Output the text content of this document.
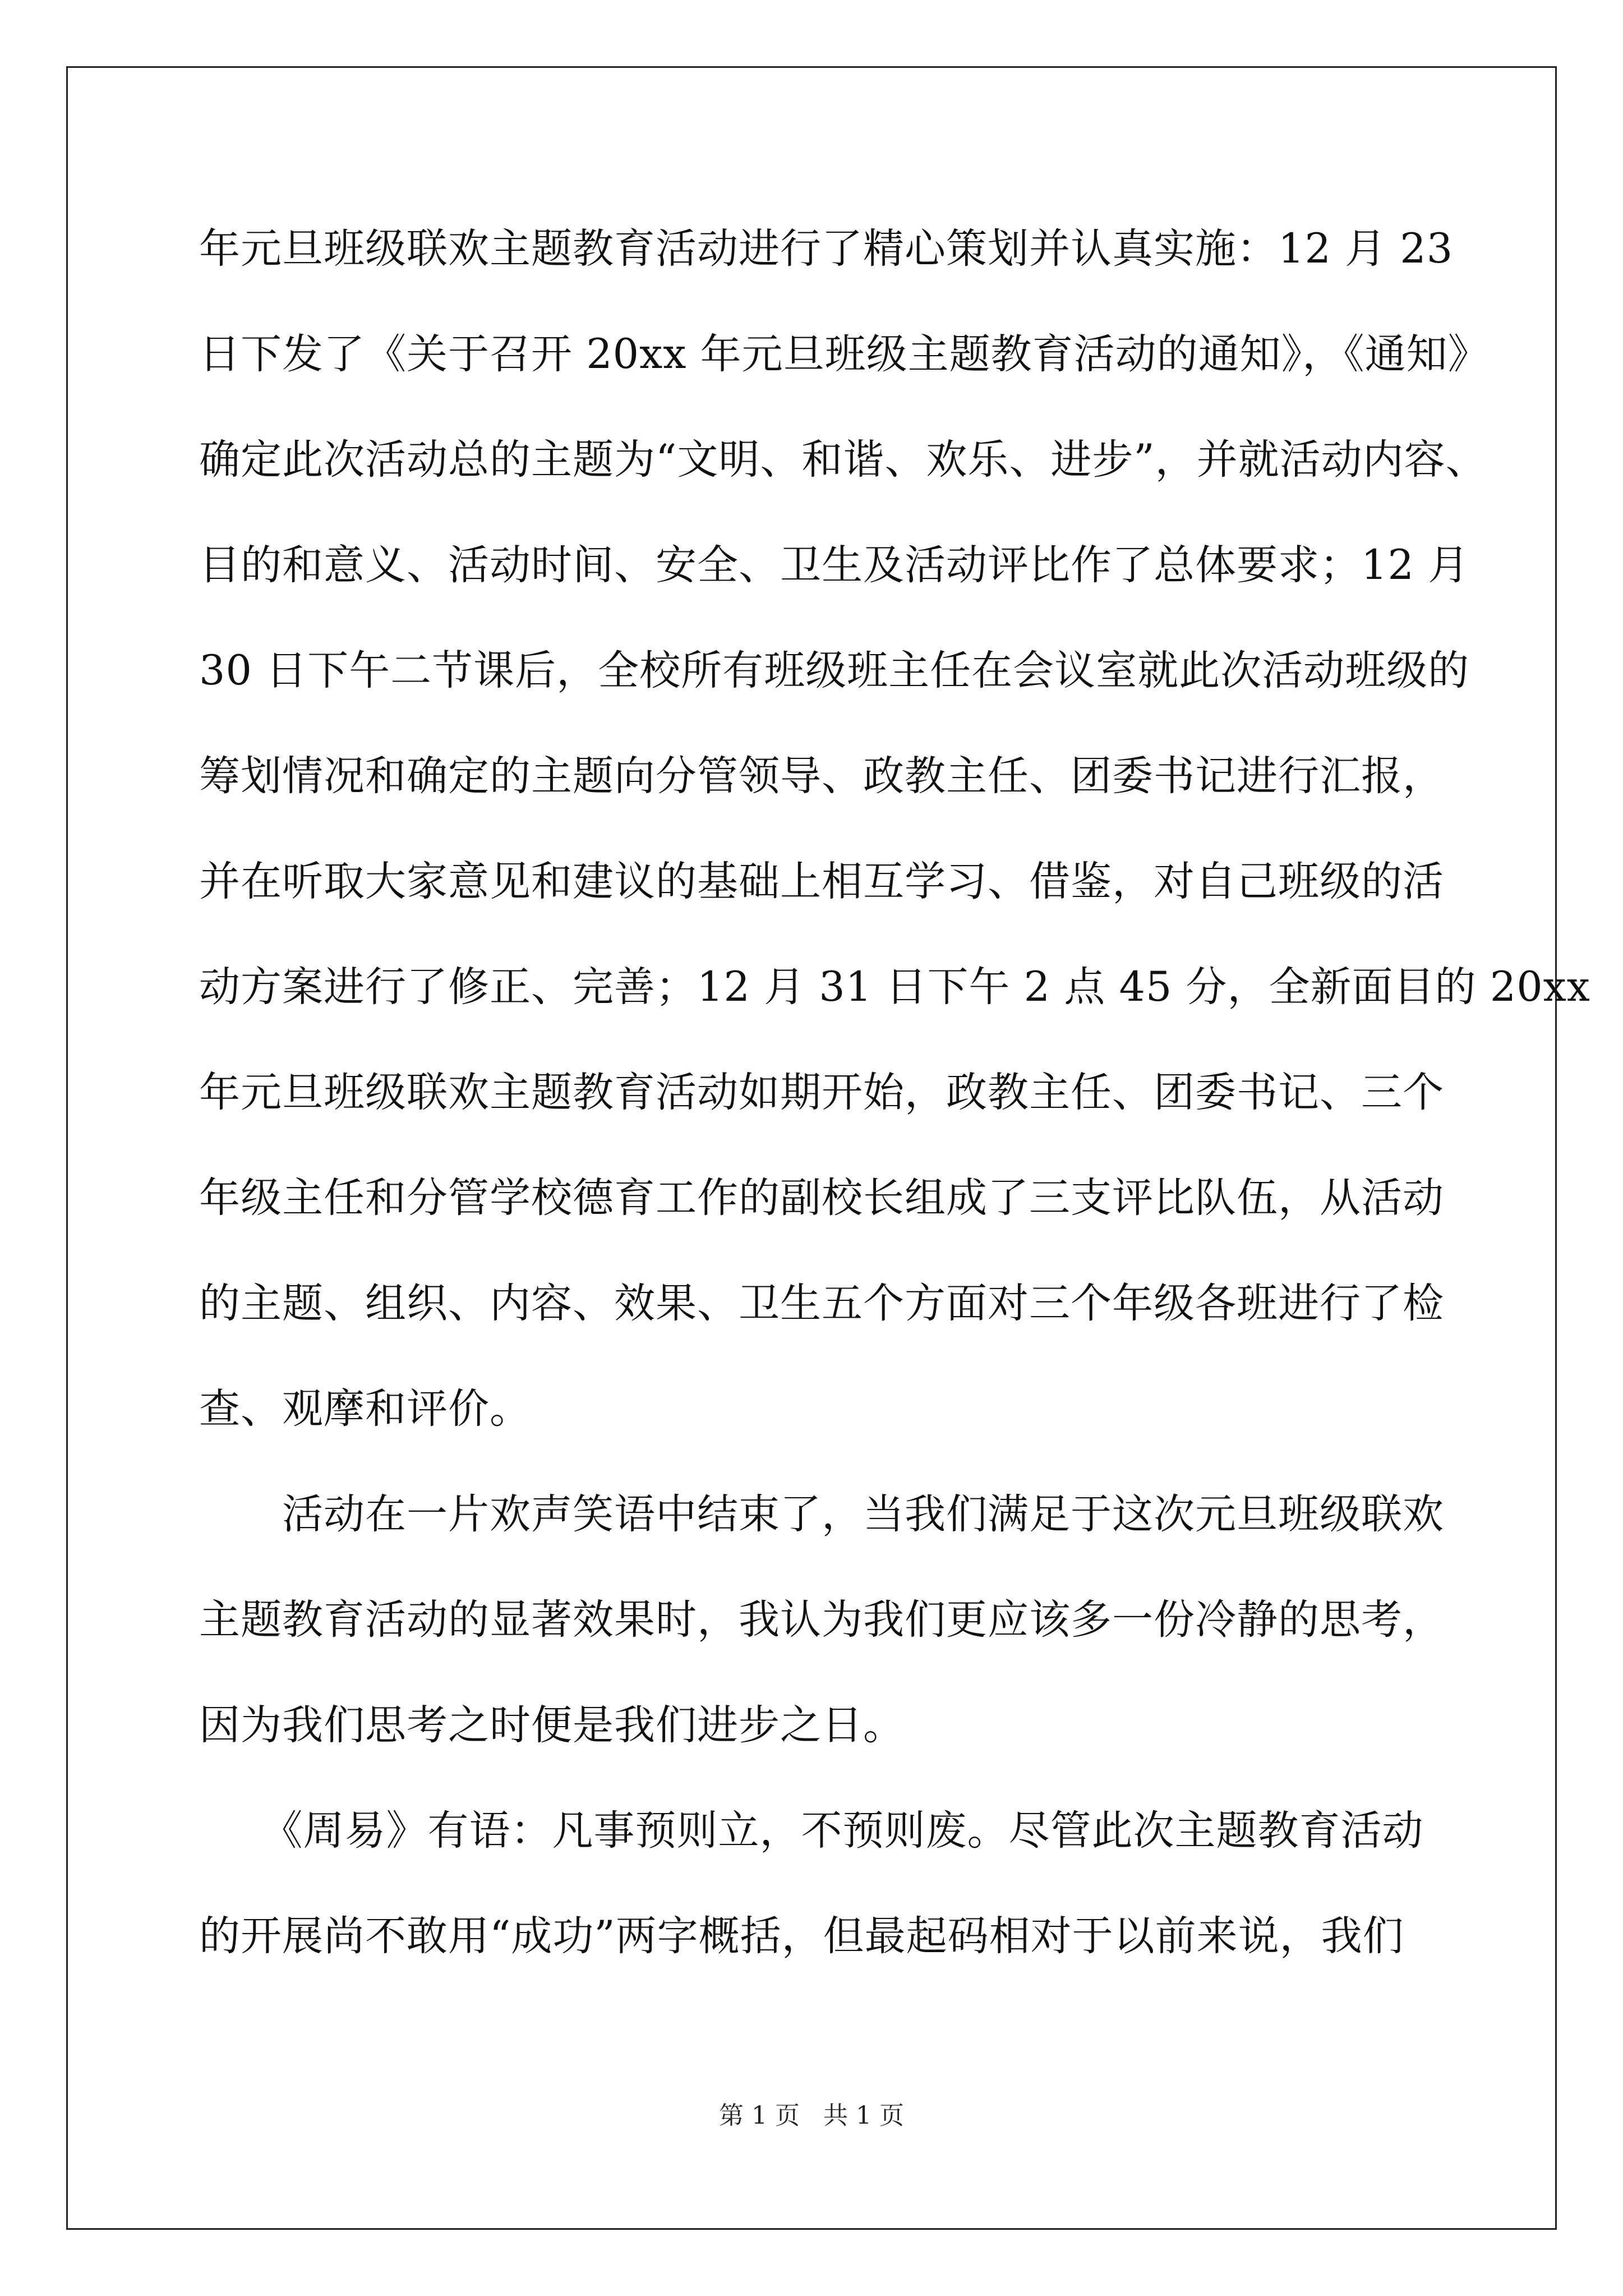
年元旦班级联欢主题教育活动进行了精心策划并认真实施：12 月 23
日下发了《关于召开 20xx 年元旦班级主题教育活动的通知》，《通知》
确定此次活动总的主题为“文明、和谐、欢乐、进步”，并就活动内容、
目的和意义、活动时间、安全、卫生及活动评比作了总体要求；12 月
30 日下午二节课后，全校所有班级班主任在会议室就此次活动班级的
筹划情况和确定的主题向分管领导、政教主任、团委书记进行汇报，
并在听取大家意见和建议的基础上相互学习、借鉴，对自己班级的活
动方案进行了修正、完善；12 月 31 日下午 2 点 45 分，全新面目的 20xx
年元旦班级联欢主题教育活动如期开始，政教主任、团委书记、三个
年级主任和分管学校德育工作的副校长组成了三支评比队伍，从活动
的主题、组织、内容、效果、卫生五个方面对三个年级各班进行了检
查、观摩和评价。
　　活动在一片欢声笑语中结束了，当我们满足于这次元旦班级联欢
主题教育活动的显著效果时，我认为我们更应该多一份冷静的思考，
因为我们思考之时便是我们进步之日。
　　《周易》有语：凡事预则立，不预则废。尽管此次主题教育活动
的开展尚不敢用“成功”两字概括，但最起码相对于以前来说，我们
第 1 页 共 1 页
